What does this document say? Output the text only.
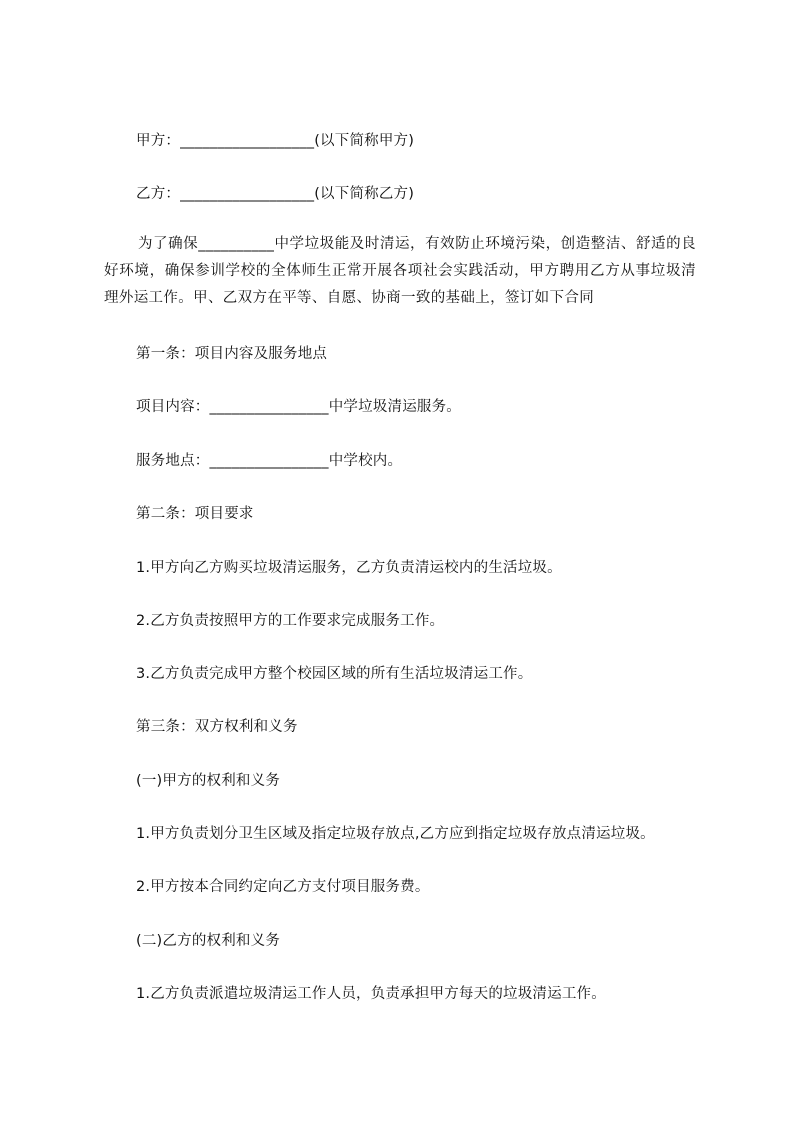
甲方：__________________(以下简称甲方)
乙方：__________________(以下简称乙方)
为了确保__________中学垃圾能及时清运，有效防止环境污染，创造整洁、舒适的良好环境，确保参训学校的全体师生正常开展各项社会实践活动，甲方聘用乙方从事垃圾清理外运工作。甲、乙双方在平等、自愿、协商一致的基础上，签订如下合同
第一条：项目内容及服务地点
项目内容：________________中学垃圾清运服务。
服务地点：________________中学校内。
第二条：项目要求
1.甲方向乙方购买垃圾清运服务，乙方负责清运校内的生活垃圾。
2.乙方负责按照甲方的工作要求完成服务工作。
3.乙方负责完成甲方整个校园区域的所有生活垃圾清运工作。
第三条：双方权利和义务
(一)甲方的权利和义务
1.甲方负责划分卫生区域及指定垃圾存放点,乙方应到指定垃圾存放点清运垃圾。
2.甲方按本合同约定向乙方支付项目服务费。
(二)乙方的权利和义务
1.乙方负责派遣垃圾清运工作人员，负责承担甲方每天的垃圾清运工作。
